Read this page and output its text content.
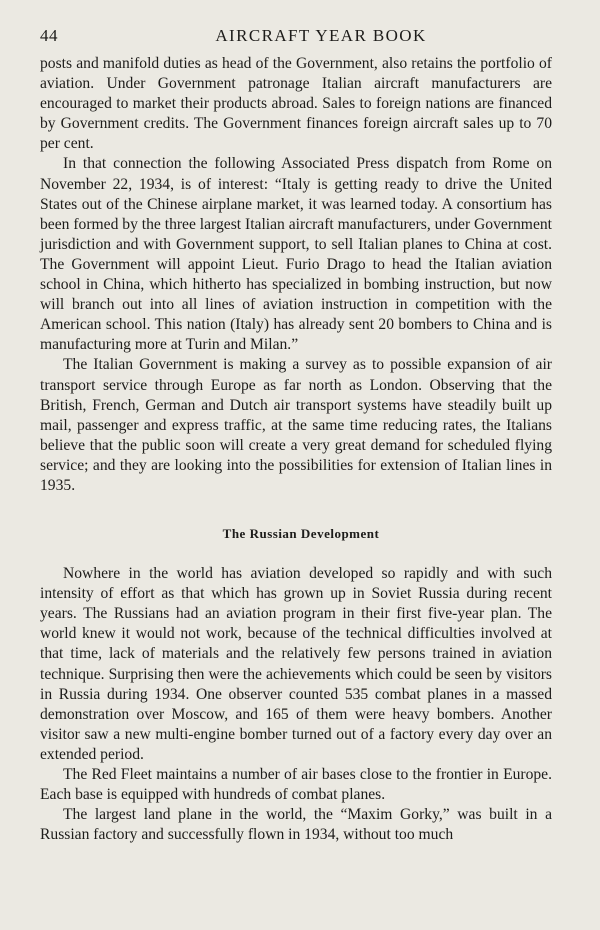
44	AIRCRAFT YEAR BOOK

posts and manifold duties as head of the Government, also retains the portfolio of aviation. Under Government patronage Italian aircraft manufacturers are encouraged to market their products abroad. Sales to foreign nations are financed by Government credits. The Government finances foreign aircraft sales up to 70 per cent.

In that connection the following Associated Press dispatch from Rome on November 22, 1934, is of interest: “Italy is getting ready to drive the United States out of the Chinese airplane market, it was learned today. A consortium has been formed by the three largest Italian aircraft manufacturers, under Government jurisdiction and with Government support, to sell Italian planes to China at cost. The Government will appoint Lieut. Furio Drago to head the Italian aviation school in China, which hitherto has specialized in bombing instruction, but now will branch out into all lines of aviation instruction in competition with the American school. This nation (Italy) has already sent 20 bombers to China and is manufacturing more at Turin and Milan.”

The Italian Government is making a survey as to possible expansion of air transport service through Europe as far north as London. Observing that the British, French, German and Dutch air transport systems have steadily built up mail, passenger and express traffic, at the same time reducing rates, the Italians believe that the public soon will create a very great demand for scheduled flying service; and they are looking into the possibilities for extension of Italian lines in 1935.

The Russian Development

Nowhere in the world has aviation developed so rapidly and with such intensity of effort as that which has grown up in Soviet Russia during recent years. The Russians had an aviation program in their first five-year plan. The world knew it would not work, because of the technical difficulties involved at that time, lack of materials and the relatively few persons trained in aviation technique. Surprising then were the achievements which could be seen by visitors in Russia during 1934. One observer counted 535 combat planes in a massed demonstration over Moscow, and 165 of them were heavy bombers. Another visitor saw a new multi-engine bomber turned out of a factory every day over an extended period.

The Red Fleet maintains a number of air bases close to the frontier in Europe. Each base is equipped with hundreds of combat planes.

The largest land plane in the world, the “Maxim Gorky,” was built in a Russian factory and successfully flown in 1934, without too much
